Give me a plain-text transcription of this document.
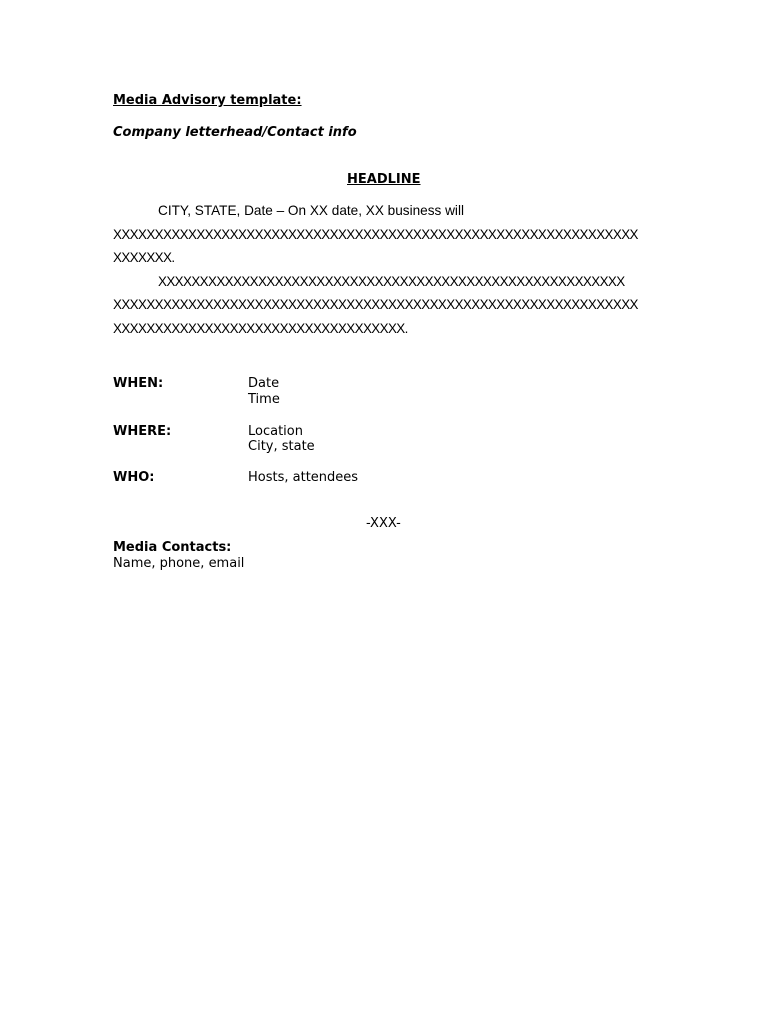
Media Advisory template:
Company letterhead/Contact info
HEADLINE
CITY, STATE, Date – On XX date, XX business will
XXXXXXXXXXXXXXXXXXXXXXXXXXXXXXXXXXXXXXXXXXXXXXXXXXXXXXXXXXXXXXX
XXXXXXX.
XXXXXXXXXXXXXXXXXXXXXXXXXXXXXXXXXXXXXXXXXXXXXXXXXXXXXXXX
XXXXXXXXXXXXXXXXXXXXXXXXXXXXXXXXXXXXXXXXXXXXXXXXXXXXXXXXXXXXXXX
XXXXXXXXXXXXXXXXXXXXXXXXXXXXXXXXXXX.
WHEN:	Date
Time
WHERE:	Location
City, state
WHO:	Hosts, attendees
-XXX-
Media Contacts:
Name, phone, email
